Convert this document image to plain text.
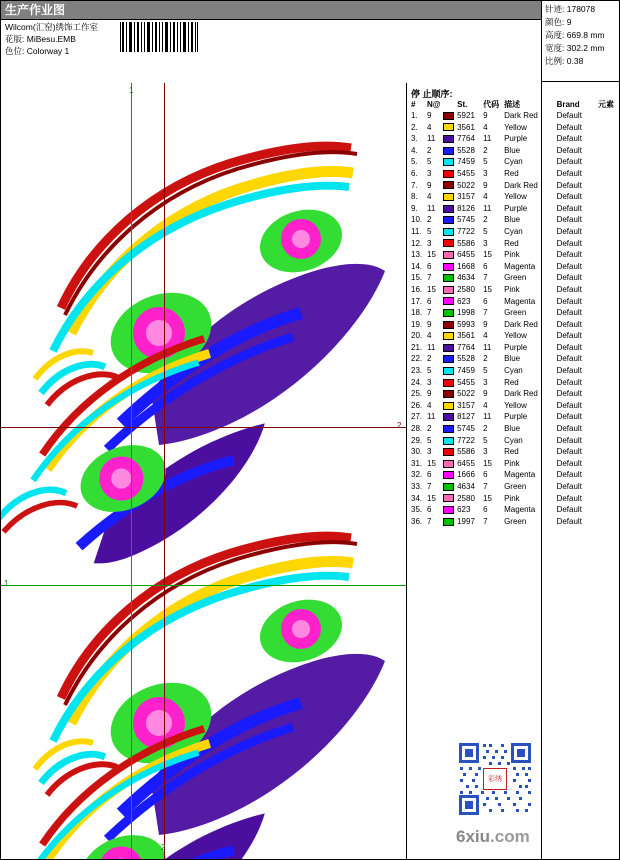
生产作业图
Wilcom(汇窑)绣饰工作室
花版: MiBesu.EMB
色位: Colorway 1
针迹: 178078
颜色: 9
高度: 669.8 mm
宽度: 302.2 mm
比例: 0.38
1
2
1
2
停 止顺序:
#	N@		St.	代码	描述	Brand	元素
1.	9		5921	9	Dark Red	Default	
2.	4		3561	4	Yellow	Default	
3.	11		7764	11	Purple	Default	
4.	2		5528	2	Blue	Default	
5.	5		7459	5	Cyan	Default	
6.	3		5455	3	Red	Default	
7.	9		5022	9	Dark Red	Default	
8.	4		3157	4	Yellow	Default	
9.	11		8126	11	Purple	Default	
10.	2		5745	2	Blue	Default	
11.	5		7722	5	Cyan	Default	
12.	3		5586	3	Red	Default	
13.	15		6455	15	Pink	Default	
14.	6		1668	6	Magenta	Default	
15.	7		4634	7	Green	Default	
16.	15		2580	15	Pink	Default	
17.	6		623	6	Magenta	Default	
18.	7		1998	7	Green	Default	
19.	9		5993	9	Dark Red	Default	
20.	4		3561	4	Yellow	Default	
21.	11		7764	11	Purple	Default	
22.	2		5528	2	Blue	Default	
23.	5		7459	5	Cyan	Default	
24.	3		5455	3	Red	Default	
25.	9		5022	9	Dark Red	Default	
26.	4		3157	4	Yellow	Default	
27.	11		8127	11	Purple	Default	
28.	2		5745	2	Blue	Default	
29.	5		7722	5	Cyan	Default	
30.	3		5586	3	Red	Default	
31.	15		6455	15	Pink	Default	
32.	6		1666	6	Magenta	Default	
33.	7		4634	7	Green	Default	
34.	15		2580	15	Pink	Default	
35.	6		623	6	Magenta	Default	
36.	7		1997	7	Green	Default	
彩绣
6xiu.com
